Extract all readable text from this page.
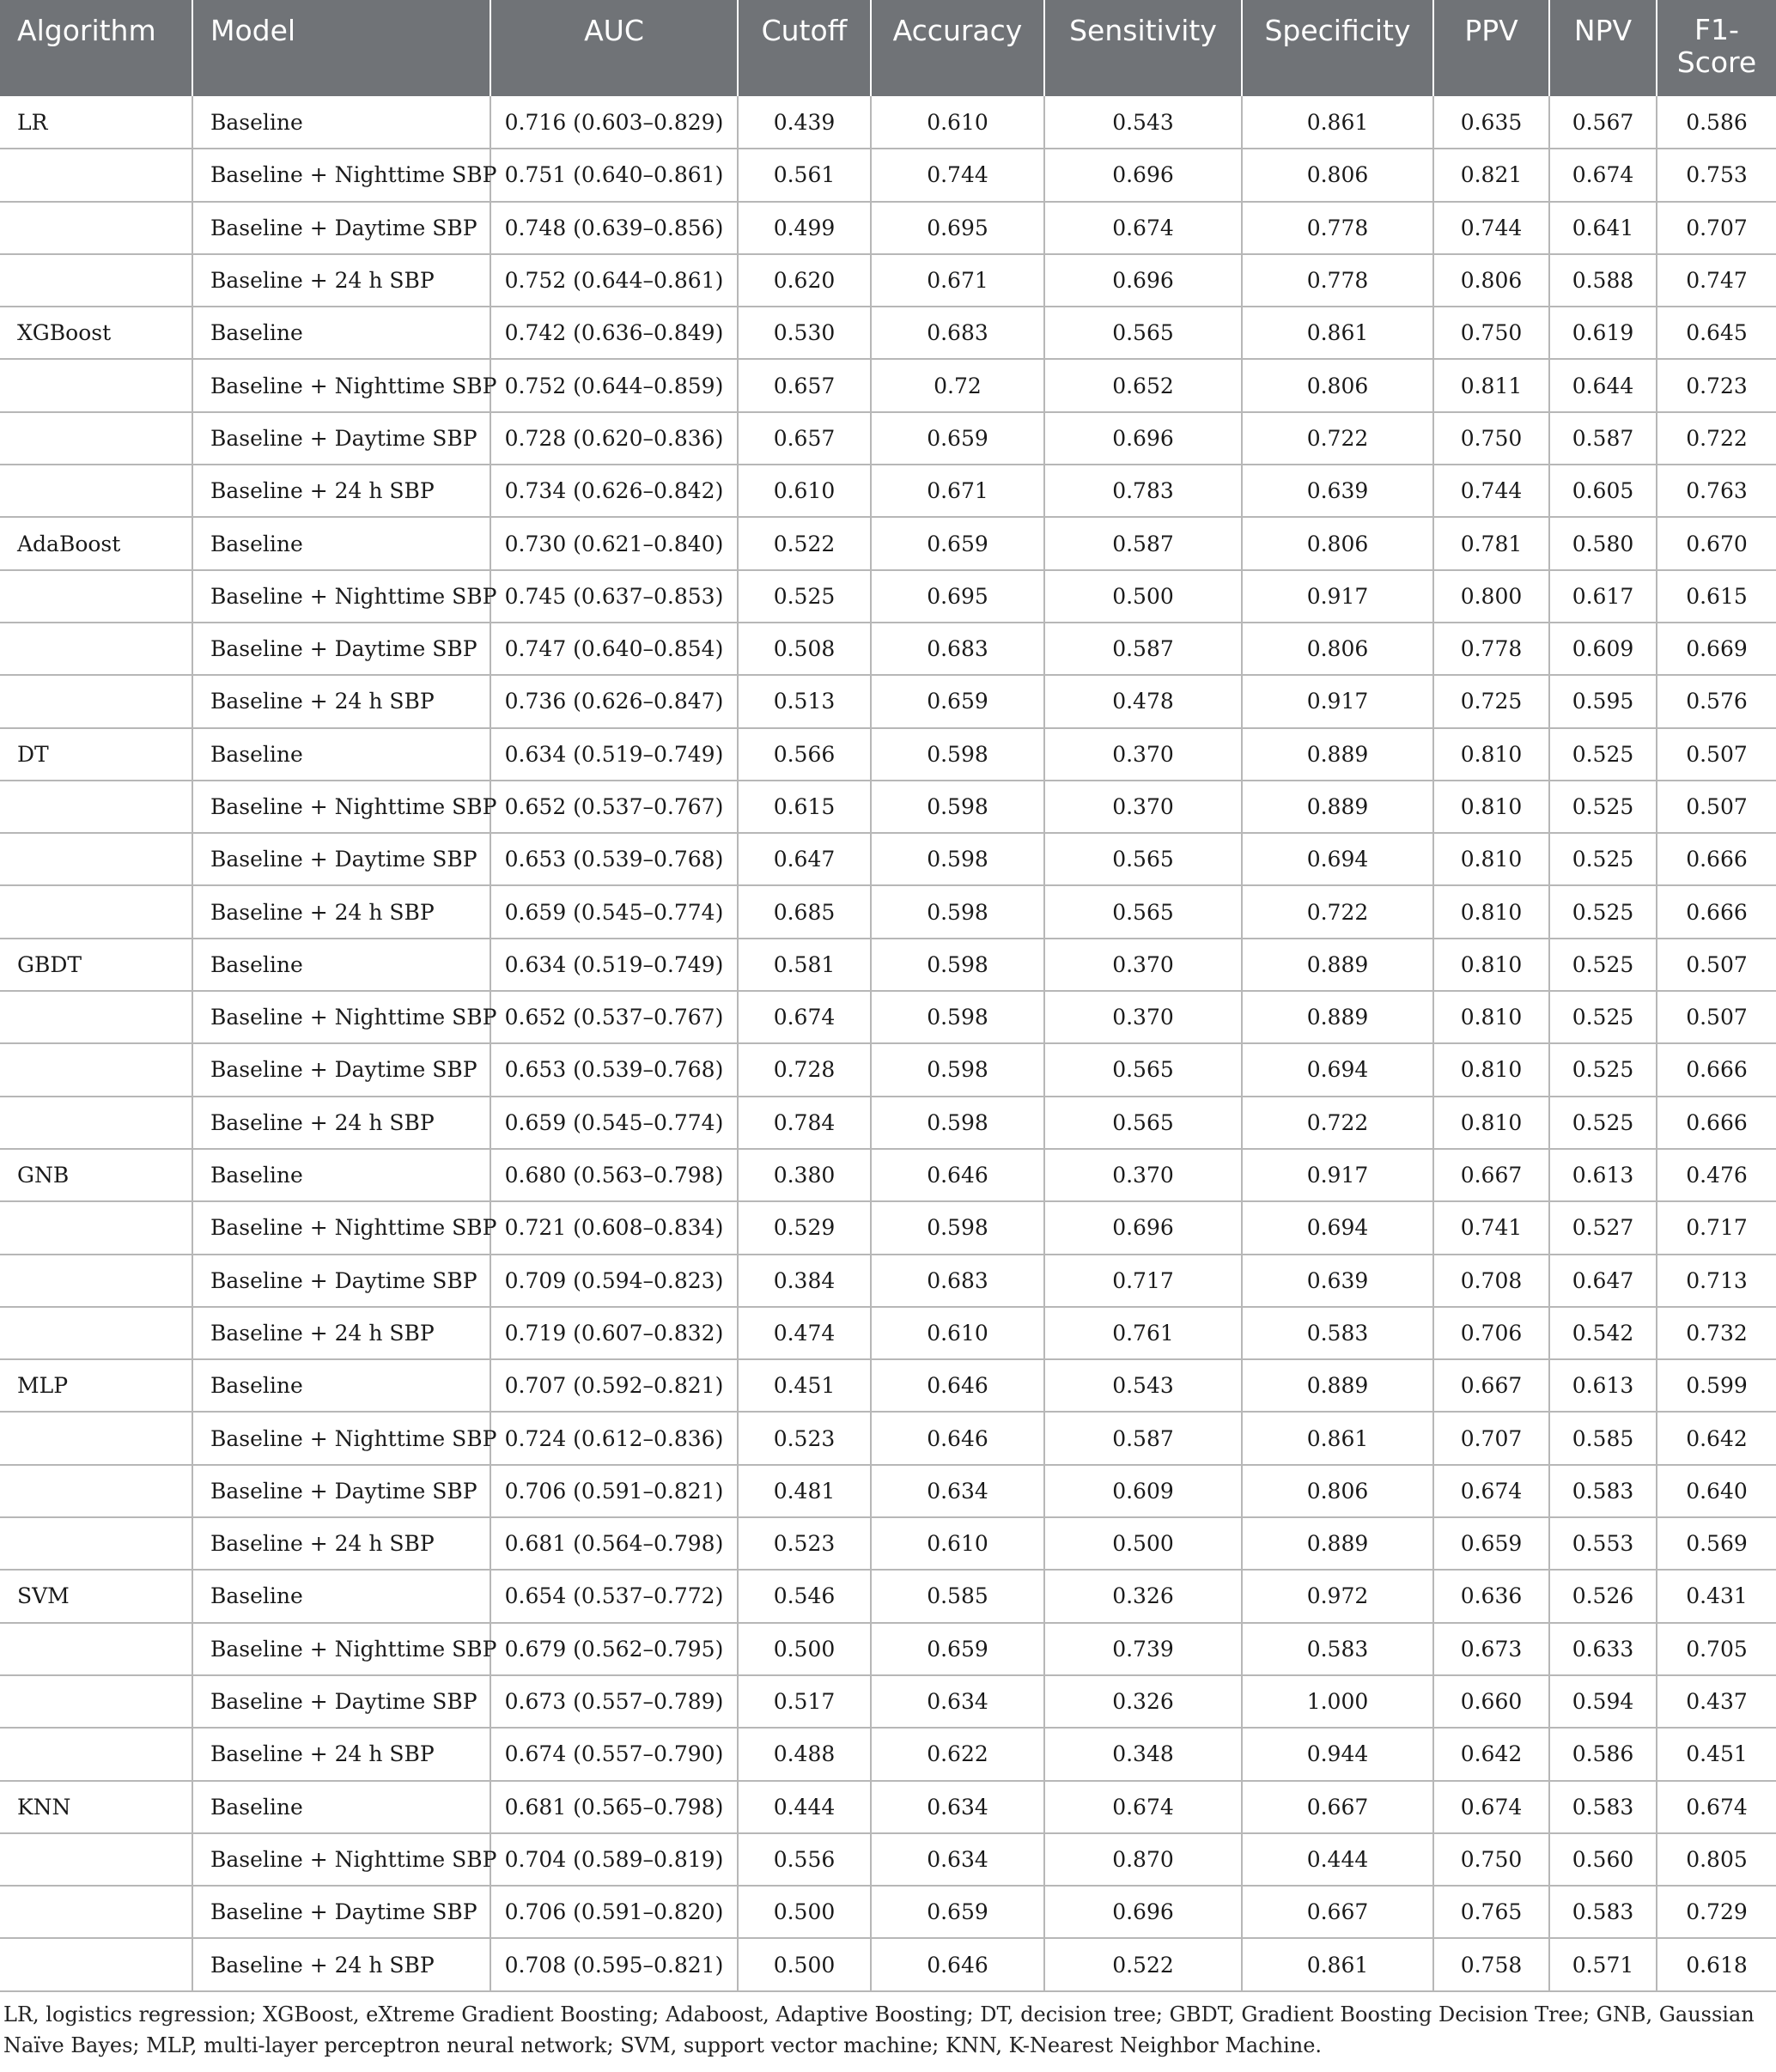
Algorithm	Model	AUC	Cutoff	Accuracy	Sensitivity	Specificity	PPV	NPV	F1-Score
LR	Baseline	0.716 (0.603–0.829)	0.439	0.610	0.543	0.861	0.635	0.567	0.586
	Baseline + Nighttime SBP	0.751 (0.640–0.861)	0.561	0.744	0.696	0.806	0.821	0.674	0.753
	Baseline + Daytime SBP	0.748 (0.639–0.856)	0.499	0.695	0.674	0.778	0.744	0.641	0.707
	Baseline + 24 h SBP	0.752 (0.644–0.861)	0.620	0.671	0.696	0.778	0.806	0.588	0.747
XGBoost	Baseline	0.742 (0.636–0.849)	0.530	0.683	0.565	0.861	0.750	0.619	0.645
	Baseline + Nighttime SBP	0.752 (0.644–0.859)	0.657	0.72	0.652	0.806	0.811	0.644	0.723
	Baseline + Daytime SBP	0.728 (0.620–0.836)	0.657	0.659	0.696	0.722	0.750	0.587	0.722
	Baseline + 24 h SBP	0.734 (0.626–0.842)	0.610	0.671	0.783	0.639	0.744	0.605	0.763
AdaBoost	Baseline	0.730 (0.621–0.840)	0.522	0.659	0.587	0.806	0.781	0.580	0.670
	Baseline + Nighttime SBP	0.745 (0.637–0.853)	0.525	0.695	0.500	0.917	0.800	0.617	0.615
	Baseline + Daytime SBP	0.747 (0.640–0.854)	0.508	0.683	0.587	0.806	0.778	0.609	0.669
	Baseline + 24 h SBP	0.736 (0.626–0.847)	0.513	0.659	0.478	0.917	0.725	0.595	0.576
DT	Baseline	0.634 (0.519–0.749)	0.566	0.598	0.370	0.889	0.810	0.525	0.507
	Baseline + Nighttime SBP	0.652 (0.537–0.767)	0.615	0.598	0.370	0.889	0.810	0.525	0.507
	Baseline + Daytime SBP	0.653 (0.539–0.768)	0.647	0.598	0.565	0.694	0.810	0.525	0.666
	Baseline + 24 h SBP	0.659 (0.545–0.774)	0.685	0.598	0.565	0.722	0.810	0.525	0.666
GBDT	Baseline	0.634 (0.519–0.749)	0.581	0.598	0.370	0.889	0.810	0.525	0.507
	Baseline + Nighttime SBP	0.652 (0.537–0.767)	0.674	0.598	0.370	0.889	0.810	0.525	0.507
	Baseline + Daytime SBP	0.653 (0.539–0.768)	0.728	0.598	0.565	0.694	0.810	0.525	0.666
	Baseline + 24 h SBP	0.659 (0.545–0.774)	0.784	0.598	0.565	0.722	0.810	0.525	0.666
GNB	Baseline	0.680 (0.563–0.798)	0.380	0.646	0.370	0.917	0.667	0.613	0.476
	Baseline + Nighttime SBP	0.721 (0.608–0.834)	0.529	0.598	0.696	0.694	0.741	0.527	0.717
	Baseline + Daytime SBP	0.709 (0.594–0.823)	0.384	0.683	0.717	0.639	0.708	0.647	0.713
	Baseline + 24 h SBP	0.719 (0.607–0.832)	0.474	0.610	0.761	0.583	0.706	0.542	0.732
MLP	Baseline	0.707 (0.592–0.821)	0.451	0.646	0.543	0.889	0.667	0.613	0.599
	Baseline + Nighttime SBP	0.724 (0.612–0.836)	0.523	0.646	0.587	0.861	0.707	0.585	0.642
	Baseline + Daytime SBP	0.706 (0.591–0.821)	0.481	0.634	0.609	0.806	0.674	0.583	0.640
	Baseline + 24 h SBP	0.681 (0.564–0.798)	0.523	0.610	0.500	0.889	0.659	0.553	0.569
SVM	Baseline	0.654 (0.537–0.772)	0.546	0.585	0.326	0.972	0.636	0.526	0.431
	Baseline + Nighttime SBP	0.679 (0.562–0.795)	0.500	0.659	0.739	0.583	0.673	0.633	0.705
	Baseline + Daytime SBP	0.673 (0.557–0.789)	0.517	0.634	0.326	1.000	0.660	0.594	0.437
	Baseline + 24 h SBP	0.674 (0.557–0.790)	0.488	0.622	0.348	0.944	0.642	0.586	0.451
KNN	Baseline	0.681 (0.565–0.798)	0.444	0.634	0.674	0.667	0.674	0.583	0.674
	Baseline + Nighttime SBP	0.704 (0.589–0.819)	0.556	0.634	0.870	0.444	0.750	0.560	0.805
	Baseline + Daytime SBP	0.706 (0.591–0.820)	0.500	0.659	0.696	0.667	0.765	0.583	0.729
	Baseline + 24 h SBP	0.708 (0.595–0.821)	0.500	0.646	0.522	0.861	0.758	0.571	0.618
LR, logistics regression; XGBoost, eXtreme Gradient Boosting; Adaboost, Adaptive Boosting; DT, decision tree; GBDT, Gradient Boosting Decision Tree; GNB, Gaussian Naïve Bayes; MLP, multi-layer perceptron neural network; SVM, support vector machine; KNN, K-Nearest Neighbor Machine.
